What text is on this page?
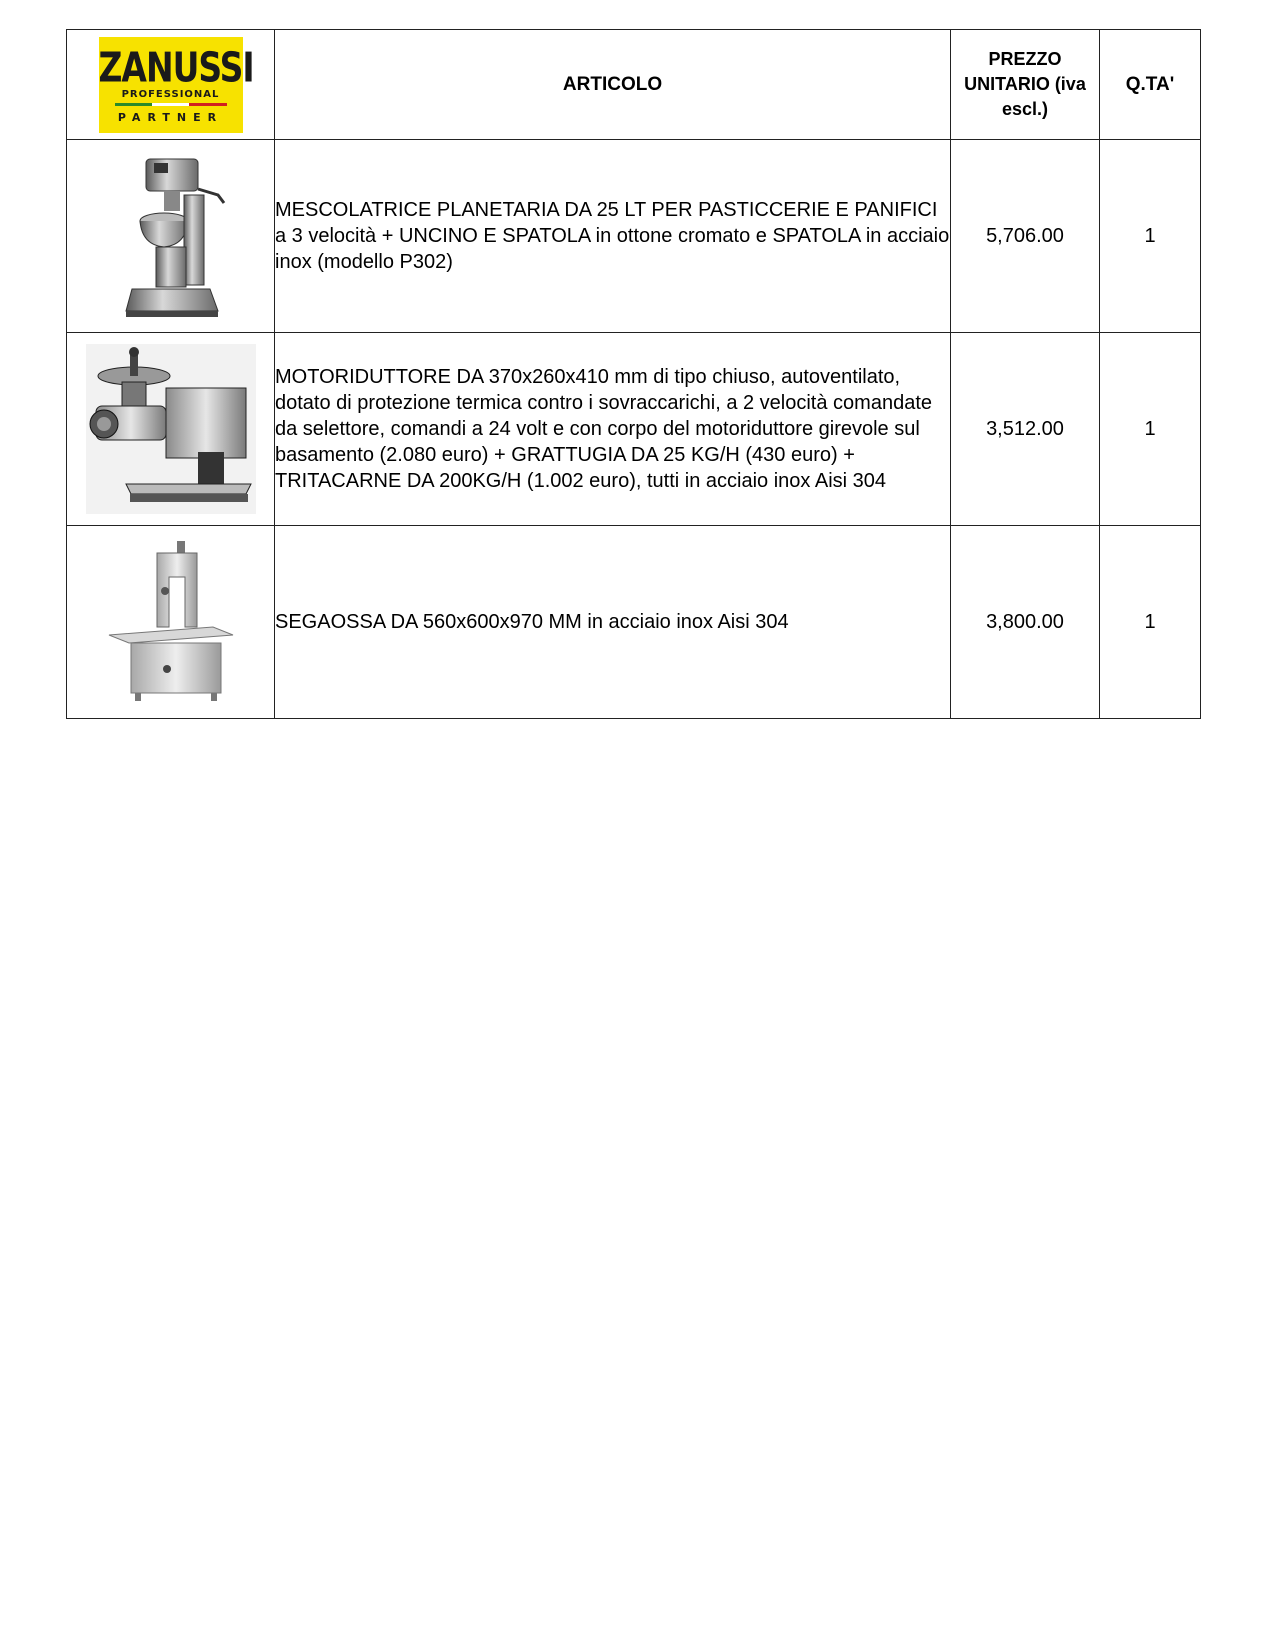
ZANUSSI
PROFESSIONAL
PARTNER	ARTICOLO	PREZZO UNITARIO (iva escl.)	Q.TA'
	MESCOLATRICE PLANETARIA DA 25 LT PER PASTICCERIE E PANIFICI a 3 velocità + UNCINO E SPATOLA in ottone cromato e SPATOLA in acciaio inox (modello P302)	5,706.00	1
	MOTORIDUTTORE DA 370x260x410 mm di tipo chiuso, autoventilato, dotato di protezione termica contro i sovraccarichi, a 2 velocità comandate da selettore, comandi a 24 volt e con corpo del motoriduttore girevole sul basamento (2.080 euro) + GRATTUGIA DA 25 KG/H (430 euro) + TRITACARNE DA 200KG/H (1.002 euro), tutti in acciaio inox Aisi 304	3,512.00	1
	SEGAOSSA DA 560x600x970 MM in acciaio inox Aisi 304	3,800.00	1
